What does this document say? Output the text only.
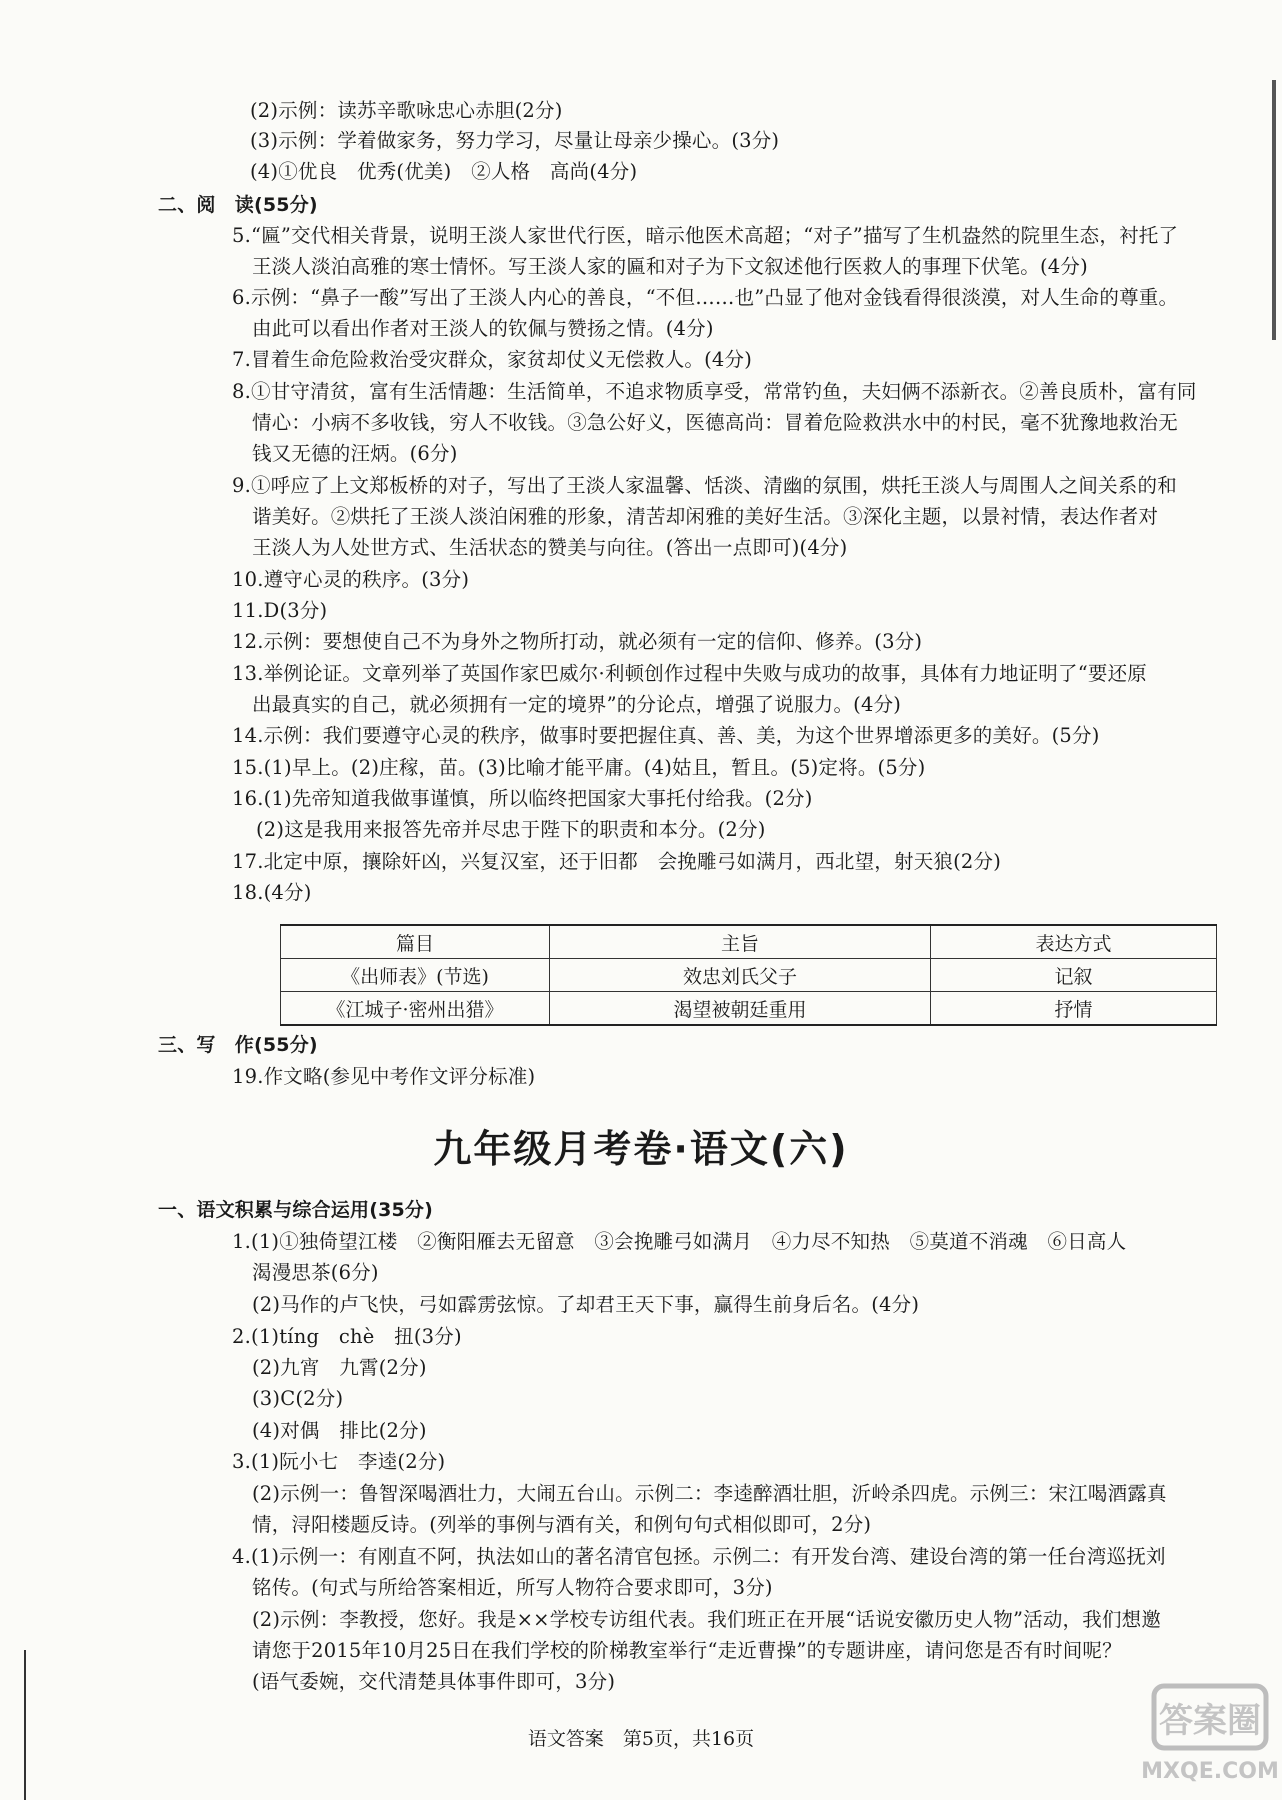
(2)示例：读苏辛歌咏忠心赤胆(2分)
(3)示例：学着做家务，努力学习，尽量让母亲少操心。(3分)
(4)①优良　优秀(优美)　②人格　高尚(4分)
二、阅　读(55分)
5.“匾”交代相关背景，说明王淡人家世代行医，暗示他医术高超；“对子”描写了生机盎然的院里生态，衬托了
王淡人淡泊高雅的寒士情怀。写王淡人家的匾和对子为下文叙述他行医救人的事理下伏笔。(4分)
6.示例：“鼻子一酸”写出了王淡人内心的善良，“不但……也”凸显了他对金钱看得很淡漠，对人生命的尊重。
由此可以看出作者对王淡人的钦佩与赞扬之情。(4分)
7.冒着生命危险救治受灾群众，家贫却仗义无偿救人。(4分)
8.①甘守清贫，富有生活情趣：生活简单，不追求物质享受，常常钓鱼，夫妇俩不添新衣。②善良质朴，富有同
情心：小病不多收钱，穷人不收钱。③急公好义，医德高尚：冒着危险救洪水中的村民，毫不犹豫地救治无
钱又无德的汪炳。(6分)
9.①呼应了上文郑板桥的对子，写出了王淡人家温馨、恬淡、清幽的氛围，烘托王淡人与周围人之间关系的和
谐美好。②烘托了王淡人淡泊闲雅的形象，清苦却闲雅的美好生活。③深化主题，以景衬情，表达作者对
王淡人为人处世方式、生活状态的赞美与向往。(答出一点即可)(4分)
10.遵守心灵的秩序。(3分)
11.D(3分)
12.示例：要想使自己不为身外之物所打动，就必须有一定的信仰、修养。(3分)
13.举例论证。文章列举了英国作家巴威尔·利顿创作过程中失败与成功的故事，具体有力地证明了“要还原
出最真实的自己，就必须拥有一定的境界”的分论点，增强了说服力。(4分)
14.示例：我们要遵守心灵的秩序，做事时要把握住真、善、美，为这个世界增添更多的美好。(5分)
15.(1)早上。(2)庄稼，苗。(3)比喻才能平庸。(4)姑且，暂且。(5)定将。(5分)
16.(1)先帝知道我做事谨慎，所以临终把国家大事托付给我。(2分)
(2)这是我用来报答先帝并尽忠于陛下的职责和本分。(2分)
17.北定中原，攘除奸凶，兴复汉室，还于旧都　会挽雕弓如满月，西北望，射天狼(2分)
18.(4分)
篇目	主旨	表达方式
《出师表》(节选)	效忠刘氏父子	记叙
《江城子·密州出猎》	渴望被朝廷重用	抒情
三、写　作(55分)
19.作文略(参见中考作文评分标准)
九年级月考卷·语文(六)
一、语文积累与综合运用(35分)
1.(1)①独倚望江楼　②衡阳雁去无留意　③会挽雕弓如满月　④力尽不知热　⑤莫道不消魂　⑥日高人
渴漫思茶(6分)
(2)马作的卢飞快，弓如霹雳弦惊。了却君王天下事，赢得生前身后名。(4分)
2.(1)tíng　chè　扭(3分)
(2)九宵　九霄(2分)
(3)C(2分)
(4)对偶　排比(2分)
3.(1)阮小七　李逵(2分)
(2)示例一：鲁智深喝酒壮力，大闹五台山。示例二：李逵醉酒壮胆，沂岭杀四虎。示例三：宋江喝酒露真
情，浔阳楼题反诗。(列举的事例与酒有关，和例句句式相似即可，2分)
4.(1)示例一：有刚直不阿，执法如山的著名清官包拯。示例二：有开发台湾、建设台湾的第一任台湾巡抚刘
铭传。(句式与所给答案相近，所写人物符合要求即可，3分)
(2)示例：李教授，您好。我是××学校专访组代表。我们班正在开展“话说安徽历史人物”活动，我们想邀
请您于2015年10月25日在我们学校的阶梯教室举行“走近曹操”的专题讲座，请问您是否有时间呢？
(语气委婉，交代清楚具体事件即可，3分)
语文答案　第5页，共16页	答案圈
MXQE.COM
